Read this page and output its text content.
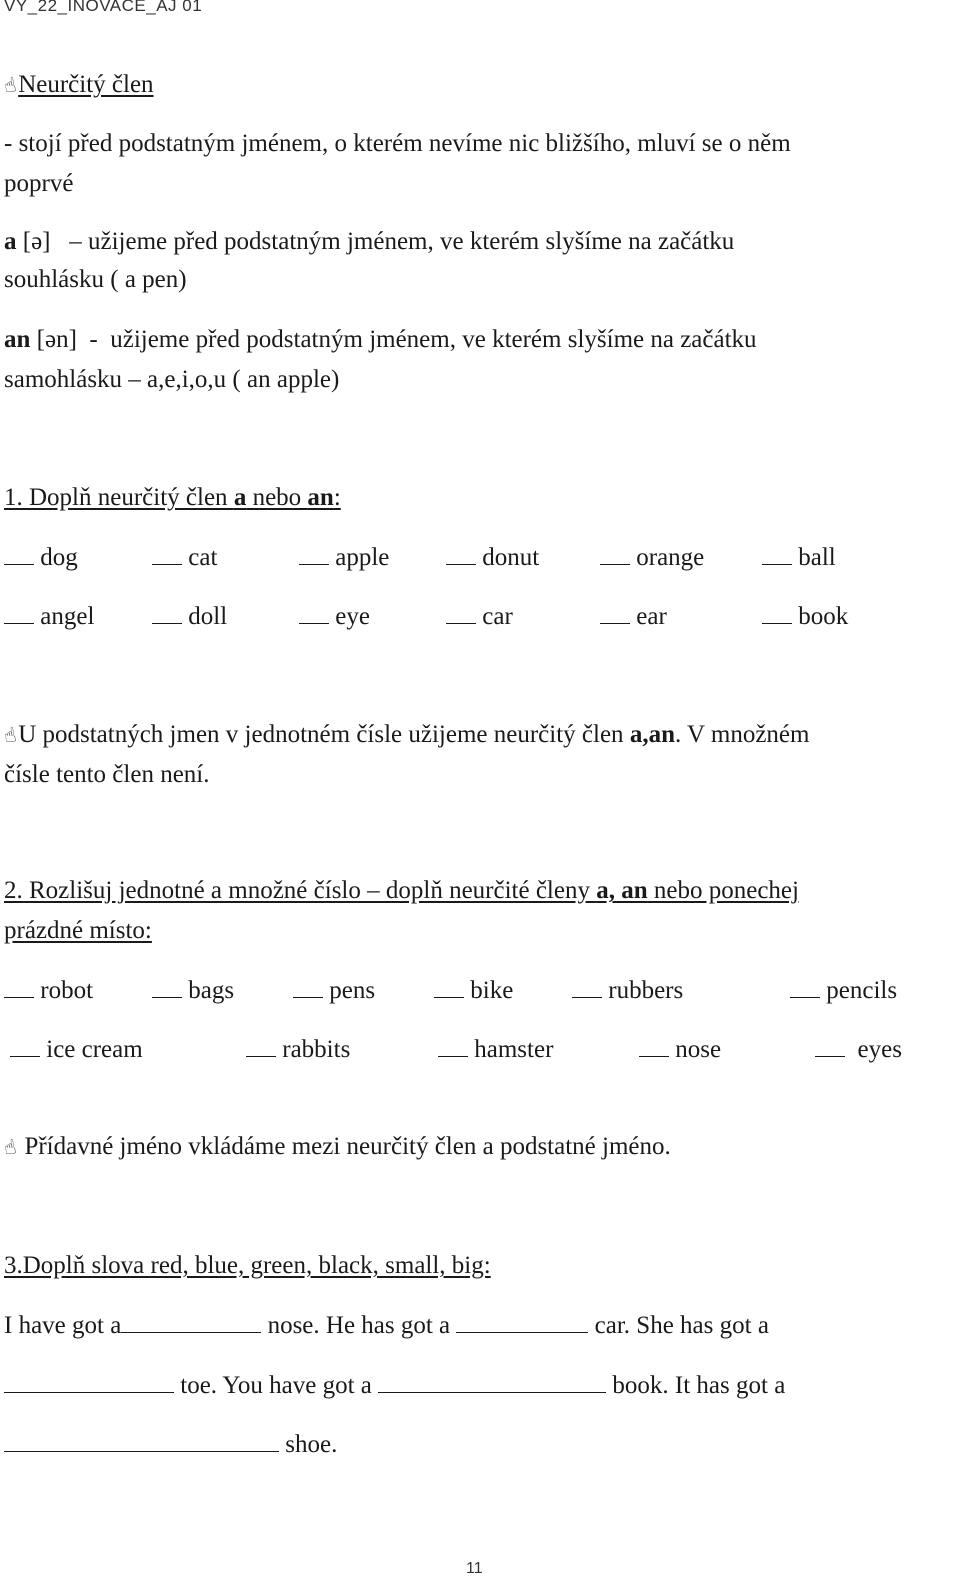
VY_22_INOVACE_AJ 01
☝Neurčitý člen
- stojí před podstatným jménem, o kterém nevíme nic bližšího, mluví se o něm
poprvé
a [ə]   – užijeme před podstatným jménem, ve kterém slyšíme na začátku
souhlásku ( a pen)
an [ən]  -  užijeme před podstatným jménem, ve kterém slyšíme na začátku
samohlásku – a,e,i,o,u ( an apple)
1. Doplň neurčitý člen a nebo an:
dog	cat	apple	donut	orange	ball
angel	doll	eye	car	ear	book
☝U podstatných jmen v jednotném čísle užijeme neurčitý člen a,an. V množném
čísle tento člen není.
2. Rozlišuj jednotné a množné číslo – doplň neurčité členy a, an nebo ponechej
prázdné místo:
robot	bags	pens	bike	rubbers	pencils
ice cream	rabbits	hamster	nose	eyes
☝ Přídavné jméno vkládáme mezi neurčitý člen a podstatné jméno.
3.Doplň slova red, blue, green, black, small, big:
I have got a	nose. He has got a	car. She has got a
toe. You have got a	book. It has got a
shoe.
11
